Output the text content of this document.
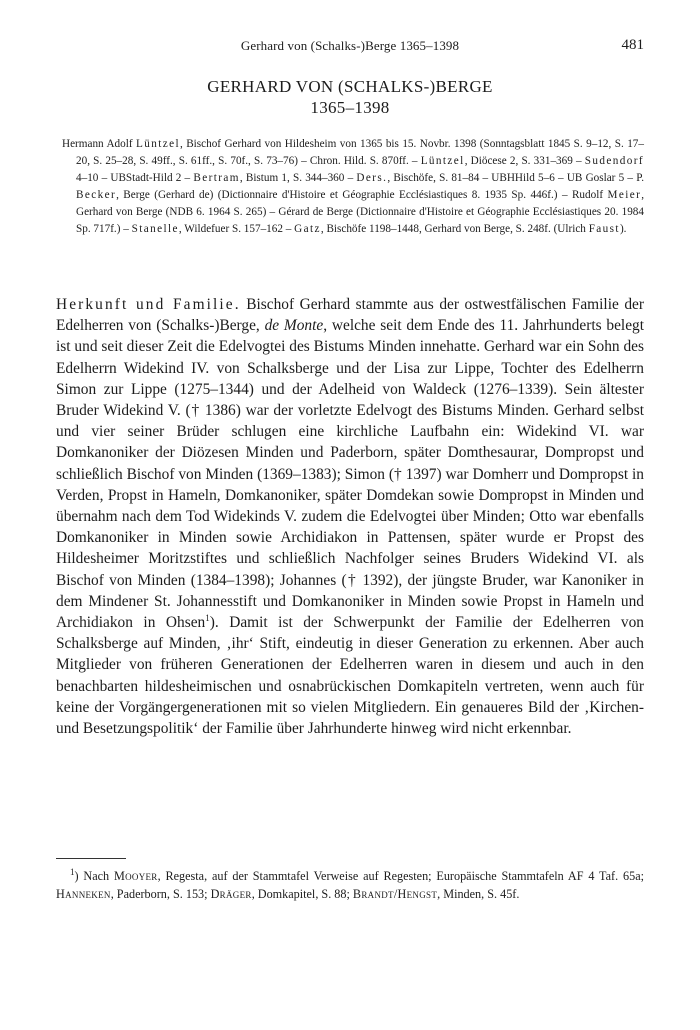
Gerhard von (Schalks-)Berge 1365–1398	481
GERHARD VON (SCHALKS-)BERGE
1365–1398

Hermann Adolf Lüntzel, Bischof Gerhard von Hildesheim von 1365 bis 15. Novbr. 1398 (Sonntagsblatt 1845 S. 9–12, S. 17–20, S. 25–28, S. 49ff., S. 61ff., S. 70f., S. 73–76) – Chron. Hild. S. 870ff. – Lüntzel, Diöcese 2, S. 331–369 – Sudendorf 4–10 – UBStadt-Hild 2 – Bertram, Bistum 1, S. 344–360 – Ders., Bischöfe, S. 81–84 – UBHHild 5–6 – UB Goslar 5 – P. Becker, Berge (Gerhard de) (Dictionnaire d'Histoire et Géographie Ecclésiastiques 8. 1935 Sp. 446f.) – Rudolf Meier, Gerhard von Berge (NDB 6. 1964 S. 265) – Gérard de Berge (Dictionnaire d'Histoire et Géographie Ecclésiastiques 20. 1984 Sp. 717f.) – Stanelle, Wildefuer S. 157–162 – Gatz, Bischöfe 1198–1448, Gerhard von Berge, S. 248f. (Ulrich Faust).

Herkunft und Familie. Bischof Gerhard stammte aus der ostwestfälischen Familie der Edelherren von (Schalks-)Berge, de Monte, welche seit dem Ende des 11. Jahrhunderts belegt ist und seit dieser Zeit die Edelvogtei des Bistums Minden innehatte. Gerhard war ein Sohn des Edelherrn Widekind IV. von Schalksberge und der Lisa zur Lippe, Tochter des Edelherrn Simon zur Lippe (1275–1344) und der Adelheid von Waldeck (1276–1339). Sein ältester Bruder Widekind V. († 1386) war der vorletzte Edelvogt des Bistums Minden. Gerhard selbst und vier seiner Brüder schlugen eine kirchliche Laufbahn ein: Widekind VI. war Domkanoniker der Diözesen Minden und Paderborn, später Domthesaurar, Dompropst und schließlich Bischof von Minden (1369–1383); Simon († 1397) war Domherr und Dompropst in Verden, Propst in Hameln, Domkanoniker, später Domdekan sowie Dompropst in Minden und übernahm nach dem Tod Widekinds V. zudem die Edelvogtei über Minden; Otto war ebenfalls Domkanoniker in Minden sowie Archidiakon in Pattensen, später wurde er Propst des Hildesheimer Moritzstiftes und schließlich Nachfolger seines Bruders Widekind VI. als Bischof von Minden (1384–1398); Johannes († 1392), der jüngste Bruder, war Kanoniker in dem Mindener St. Johannesstift und Domkanoniker in Minden sowie Propst in Hameln und Archidiakon in Ohsen$^1$). Damit ist der Schwerpunkt der Familie der Edelherren von Schalksberge auf Minden, ‚ihr‘ Stift, eindeutig in dieser Generation zu erkennen. Aber auch Mitglieder von früheren Generationen der Edelherren waren in diesem und auch in den benachbarten hildesheimischen und osnabrückischen Domkapiteln vertreten, wenn auch für keine der Vorgängergenerationen mit so vielen Mitgliedern. Ein genaueres Bild der ‚Kirchen- und Besetzungspolitik‘ der Familie über Jahrhunderte hinweg wird nicht erkennbar.

$^1$) Nach Mooyer, Regesta, auf der Stammtafel Verweise auf Regesten; Europäische Stammtafeln AF 4 Taf. 65a; Hanneken, Paderborn, S. 153; Dräger, Domkapitel, S. 88; Brandt/Hengst, Minden, S. 45f.
